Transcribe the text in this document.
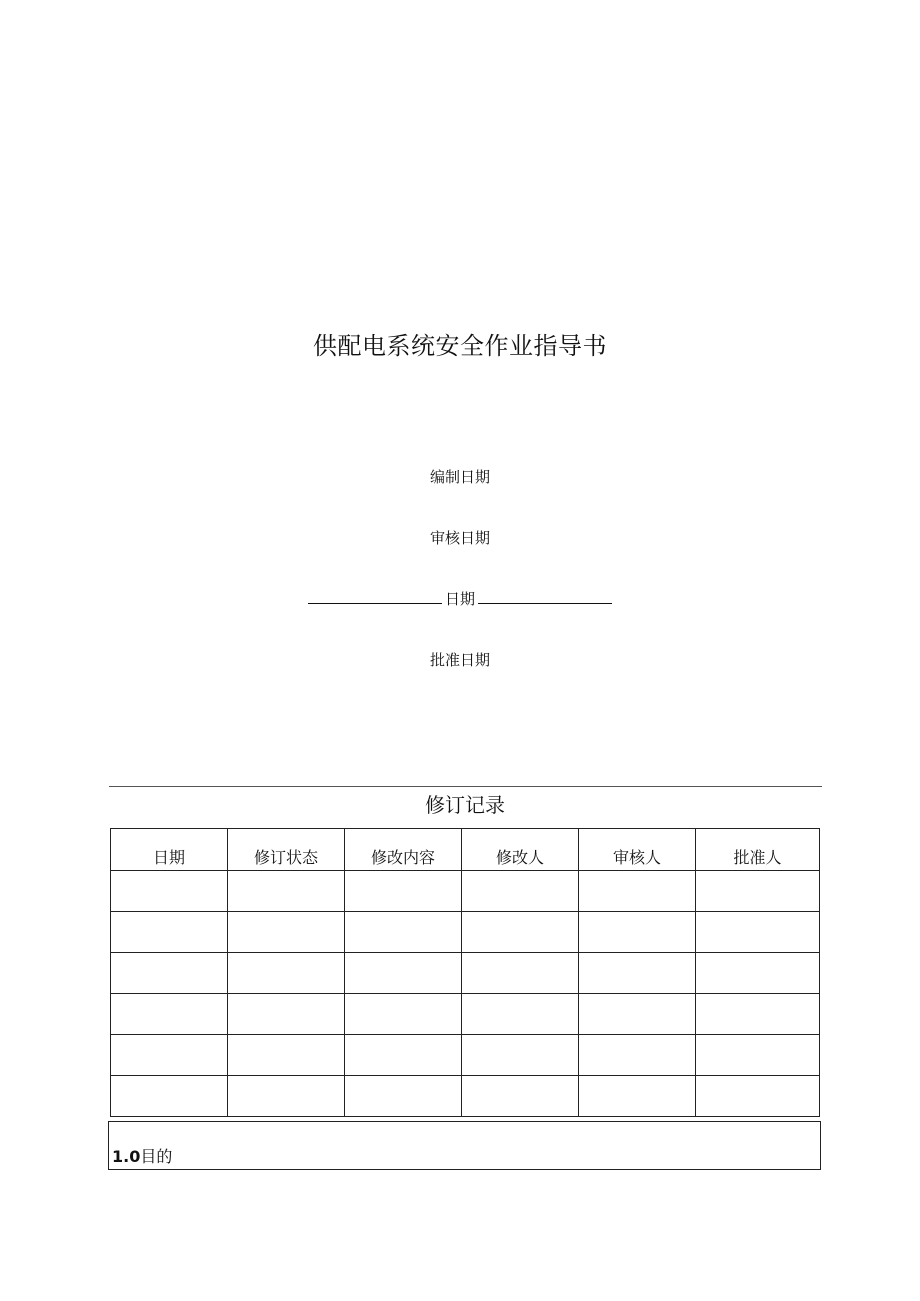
供配电系统安全作业指导书
编制日期
审核日期
日期
批准日期
修订记录
日期	修订状态	修改内容	修改人	审核人	批准人

1.0目的
